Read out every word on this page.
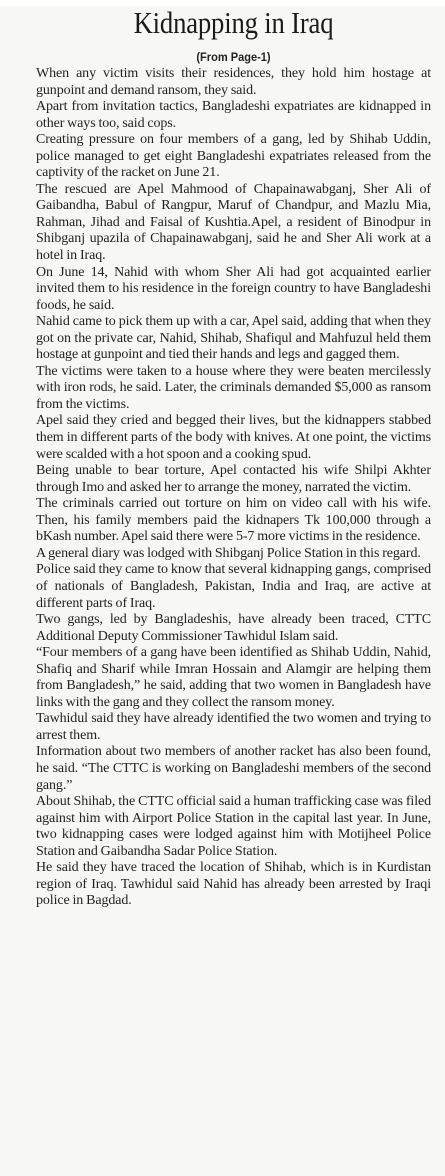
Kidnapping in Iraq
(From Page-1)

When any victim visits their residences, they hold him hostage at gunpoint and demand ransom, they said.

Apart from invitation tactics, Bangladeshi expatriates are kidnapped in other ways too, said cops.

Creating pressure on four members of a gang, led by Shihab Uddin, police managed to get eight Bangladeshi expatriates released from the captivity of the racket on June 21.

The rescued are Apel Mahmood of Chapainawabganj, Sher Ali of Gaibandha, Babul of Rangpur, Maruf of Chandpur, and Mazlu Mia, Rahman, Jihad and Faisal of Kushtia.Apel, a resident of Binodpur in Shibganj upazila of Chapainawabganj, said he and Sher Ali work at a hotel in Iraq.

On June 14, Nahid with whom Sher Ali had got acquainted earlier invited them to his residence in the foreign country to have Bangladeshi foods, he said.

Nahid came to pick them up with a car, Apel said, adding that when they got on the private car, Nahid, Shihab, Shafiqul and Mahfuzul held them hostage at gunpoint and tied their hands and legs and gagged them.

The victims were taken to a house where they were beaten mercilessly with iron rods, he said. Later, the criminals demanded $5,000 as ransom from the victims.

Apel said they cried and begged their lives, but the kidnappers stabbed them in different parts of the body with knives. At one point, the victims were scalded with a hot spoon and a cooking spud.

Being unable to bear torture, Apel contacted his wife Shilpi Akhter through Imo and asked her to arrange the money, narrated the victim.

The criminals carried out torture on him on video call with his wife. Then, his family members paid the kidnapers Tk 100,000 through a bKash number. Apel said there were 5-7 more victims in the residence.

A general diary was lodged with Shibganj Police Station in this regard.

Police said they came to know that several kidnapping gangs, comprised of nationals of Bangladesh, Pakistan, India and Iraq, are active at different parts of Iraq.

Two gangs, led by Bangladeshis, have already been traced, CTTC Additional Deputy Commissioner Tawhidul Islam said.

“Four members of a gang have been identified as Shihab Uddin, Nahid, Shafiq and Sharif while Imran Hossain and Alamgir are helping them from Bangladesh,” he said, adding that two women in Bangladesh have links with the gang and they collect the ransom money.

Tawhidul said they have already identified the two women and trying to arrest them.

Information about two members of another racket has also been found, he said. “The CTTC is working on Bangladeshi members of the second gang.”

About Shihab, the CTTC official said a human trafficking case was filed against him with Airport Police Station in the capital last year. In June, two kidnapping cases were lodged against him with Motijheel Police Station and Gaibandha Sadar Police Station.

He said they have traced the location of Shihab, which is in Kurdistan region of Iraq. Tawhidul said Nahid has already been arrested by Iraqi police in Bagdad.
